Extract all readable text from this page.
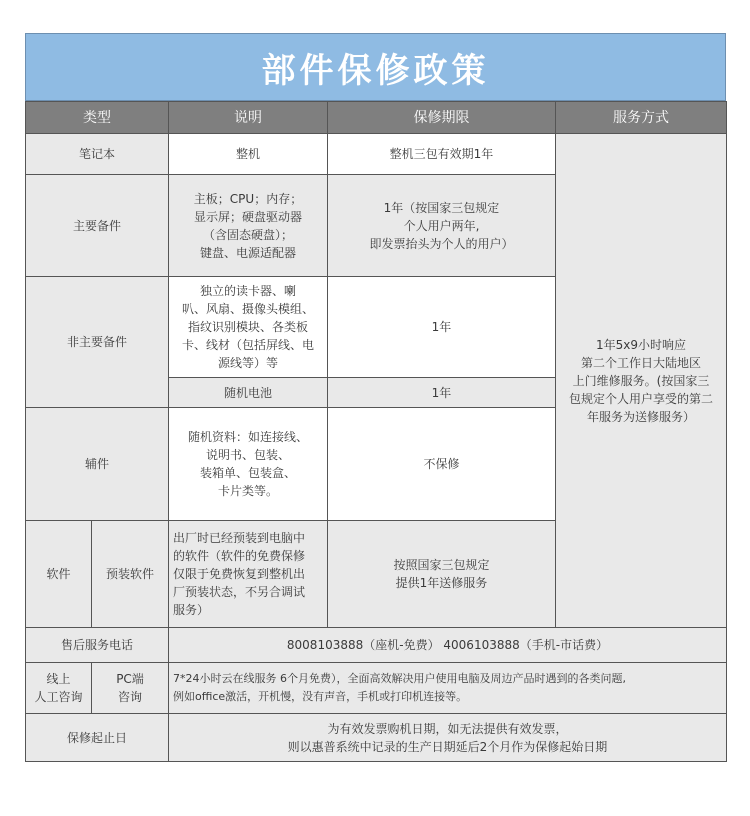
部件保修政策
类型		说明	保修期限	服务方式
笔记本		整机	整机三包有效期1年	1年5x9小时响应
第二个工作日大陆地区
上门维修服务。(按国家三
包规定个人用户享受的第二
年服务为送修服务）

主要备件		主板；CPU；内存；
显示屏；硬盘驱动器
（含固态硬盘）；
键盘、电源适配器	1年（按国家三包规定
个人用户两年,
即发票抬头为个人的用户）	

非主要备件		独立的读卡器、喇
叭、风扇、摄像头模组、
指纹识别模块、各类板
卡、线材（包括屏线、电
源线等）等	1年	
		随机电池	1年	
辅件		随机资料：如连接线、
说明书、包装、
装箱单、包装盒、
卡片类等。	不保修	
软件	预装软件	出厂时已经预装到电脑中
的软件（软件的免费保修
仅限于免费恢复到整机出
厂预装状态，不另合调试
服务）	按照国家三包规定
提供1年送修服务	

售后服务电话		8008103888（座机-免费） 4006103888（手机-市话费）		

线上
人工咨询	PC端
咨询	7*24小时云在线服务 6个月免费），全面高效解决用户使用电脑及周边产品时遇到的各类问题,
例如office激活，开机慢，没有声音，手机或打印机连接等。		

保修起止日		为有效发票购机日期，如无法提供有效发票，
则以惠普系统中记录的生产日期延后2个月作为保修起始日期		
